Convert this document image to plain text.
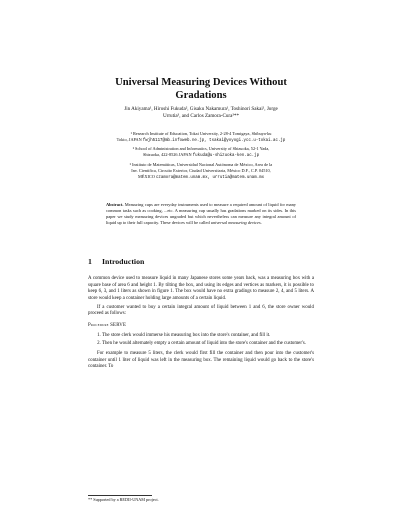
Universal Measuring Devices Without
Gradations
Jin Akiyama¹, Hiroshi Fukuda², Gisaku Nakamura¹, Toshinori Sakai¹, Jorge
Urrutia³, and Carlos Zamora-Cura³**
¹ Research Institute of Education, Tokai University, 2-28-4 Tomigaya, Shibuya-ku
Tokio, JAPAN fwjh5117@mb.infoweb.ne.jp, tsakai@yoyogi.ycc.u-tokai.ac.jp
² School of Administration and Informatics, University of Shizuoka, 52-1 Yada,
Shizuoka, 422-8526 JAPAN fukuda@u-shizuoka-ken.ac.jp
³ Instituto de Matemáticas, Universidad Nacional Autónoma de México, Area de la
Inv. Cientifica, Circuito Exterior, Ciudad Universitaria, México D.F., C.P. 04510,
MÉXICO czamora@matem.unam.mx, urrutia@matem.unam.mx
Abstract. Measuring cups are everyday instruments used to measure a required amount of liquid for many common tasks such as cooking, ...etc. A measuring cup usually has gradations marked on its sides. In this paper we study measuring devices ungraded but which nevertheless can measure any integral amount of liquid up to their full capacity. These devices will be called universal measuring devices.
1 Introduction

A common device used to measure liquid in many Japanese stores some years back, was a measuring box with a square base of area 6 and height 1. By tilting the box, and using its edges and vertices as markers, it is possible to keep 6, 3, and 1 liters as shown in figure 1. The box would have no extra gradings to measure 2, 4, and 5 liters. A store would keep a container holding large amounts of a certain liquid.

If a customer wanted to buy a certain integral amount of liquid between 1 and 6, the store owner would proceed as follows:

Procedure SERVE
1. The store clerk would immerse his measuring box into the store's container, and fill it.
2. Then he would alternately empty a certain amount of liquid into the store's container and the customer's.

For example to measure 5 liters, the clerk would first fill the container and then pour into the customer's container until 1 liter of liquid was left in the measuring box. The remaining liquid would go back to the store's container. To

** Supported by a REDII-UNAM project.
